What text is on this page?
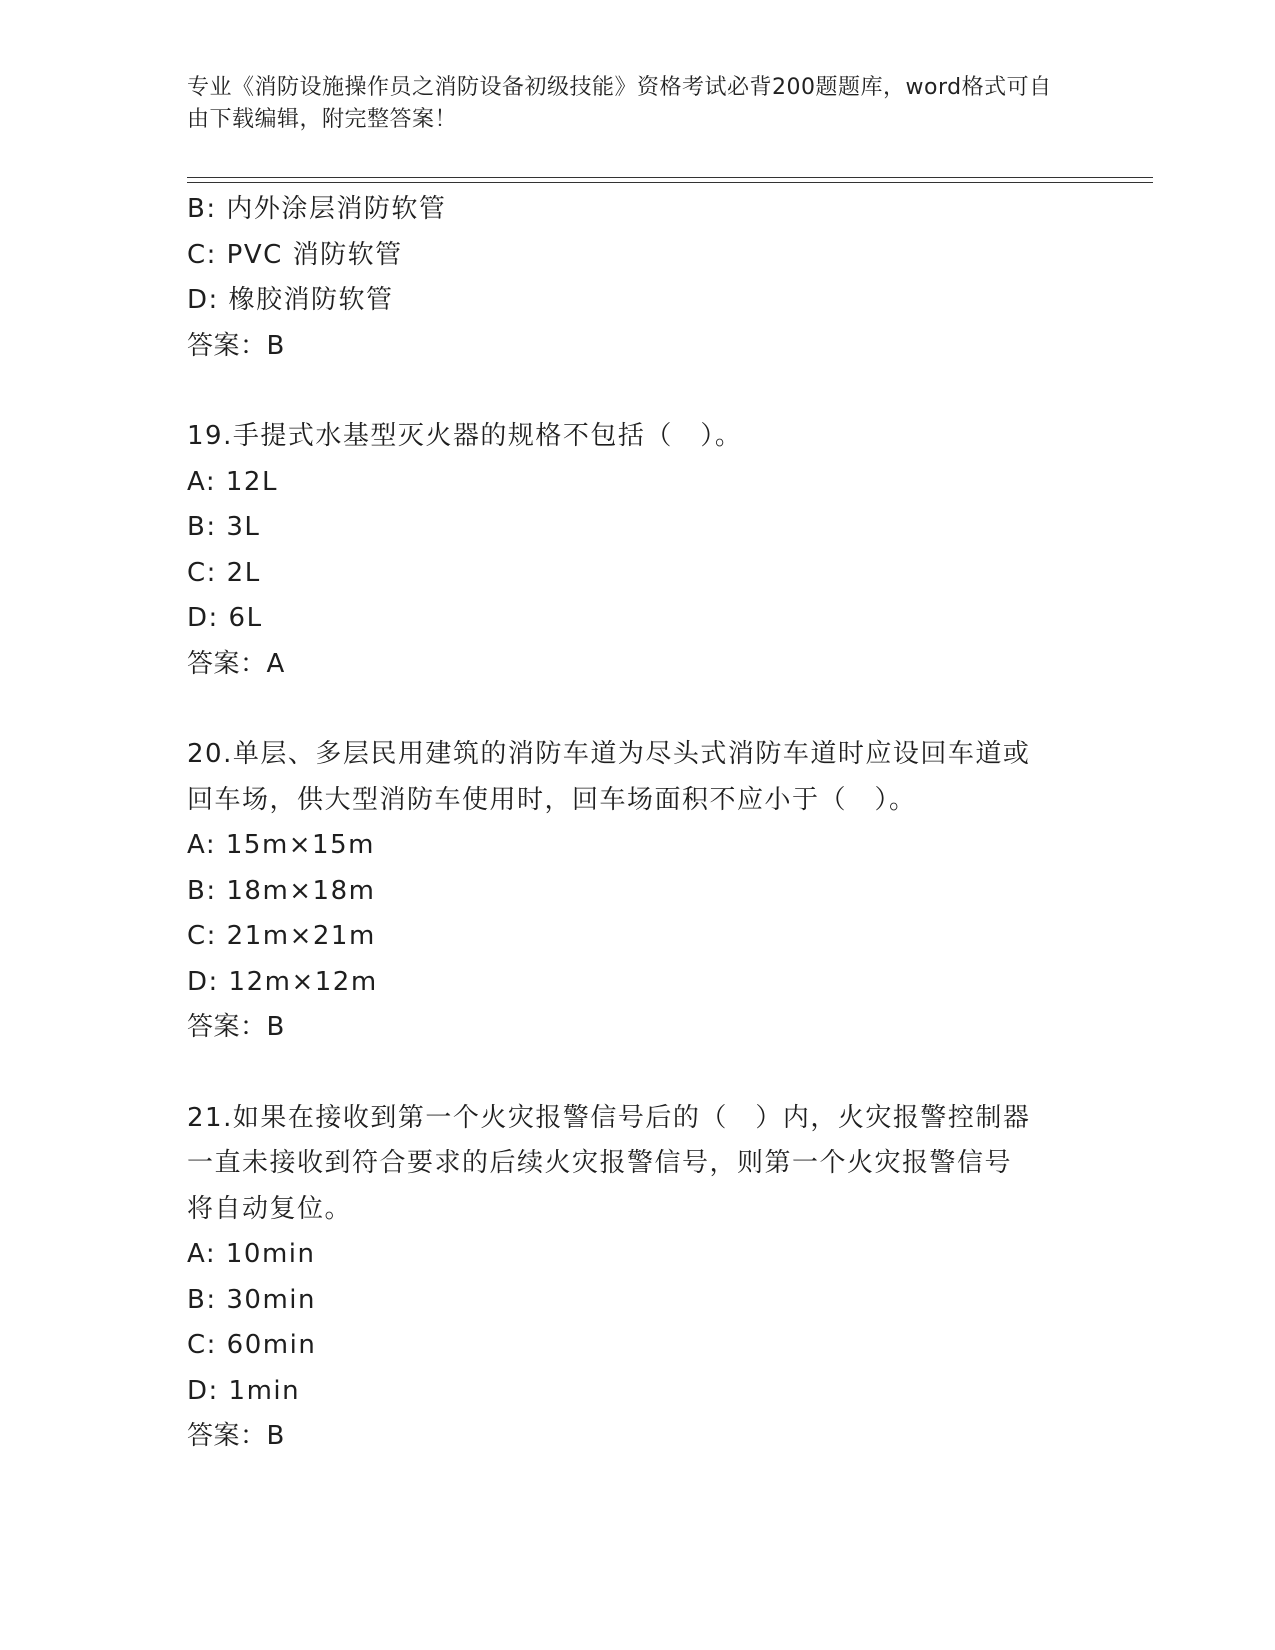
专业《消防设施操作员之消防设备初级技能》资格考试必背200题题库，word格式可自由下载编辑，附完整答案！
B: 内外涂层消防软管
C: PVC 消防软管
D: 橡胶消防软管
答案：B
19.手提式水基型灭火器的规格不包括（　）。
A: 12L
B: 3L
C: 2L
D: 6L
答案：A
20.单层、多层民用建筑的消防车道为尽头式消防车道时应设回车道或
回车场，供大型消防车使用时，回车场面积不应小于（　）。
A: 15m×15m
B: 18m×18m
C: 21m×21m
D: 12m×12m
答案：B
21.如果在接收到第一个火灾报警信号后的（　）内，火灾报警控制器
一直未接收到符合要求的后续火灾报警信号，则第一个火灾报警信号
将自动复位。
A: 10min
B: 30min
C: 60min
D: 1min
答案：B
